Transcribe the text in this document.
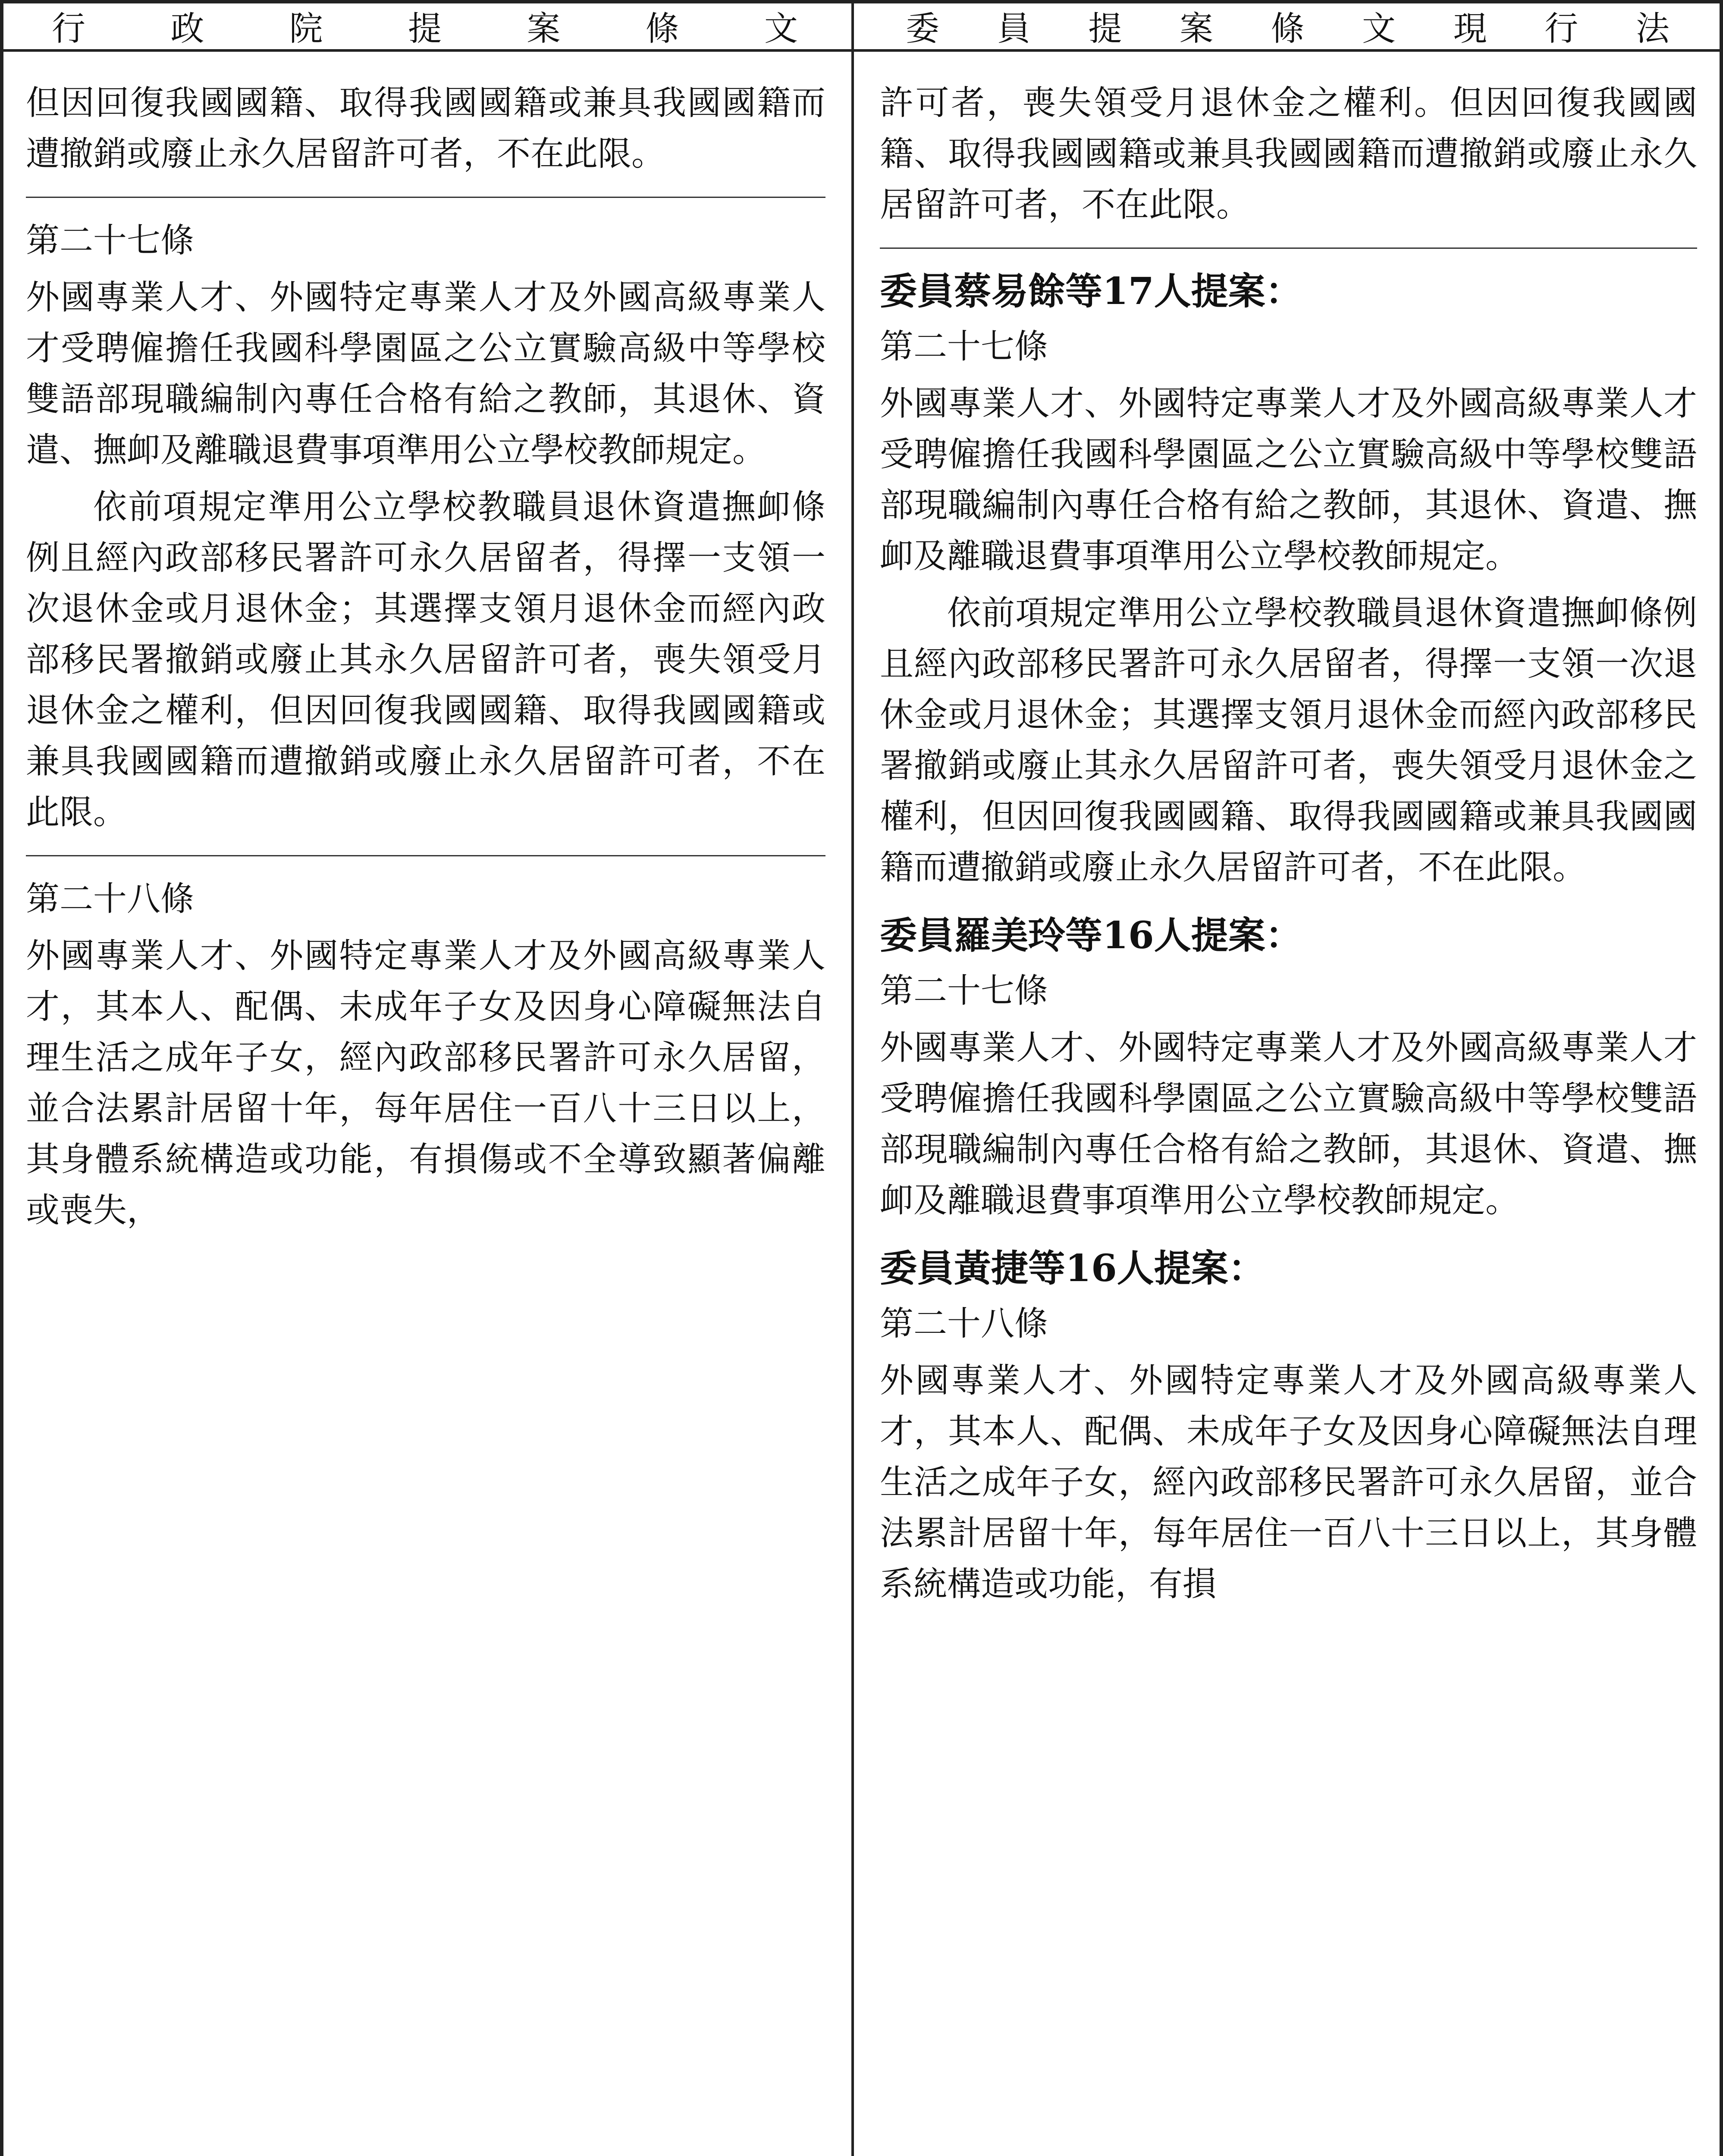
行 政 院 提 案 條 文	委 員 提 案 條 文 現 行 法

但因回復我國國籍、取得我國國籍或兼具我國國籍而遭撤銷或廢止永久居留許可者，不在此限。

第二十七條

外國專業人才、外國特定專業人才及外國高級專業人才受聘僱擔任我國科學園區之公立實驗高級中等學校雙語部現職編制內專任合格有給之教師，其退休、資遣、撫卹及離職退費事項準用公立學校教師規定。

依前項規定準用公立學校教職員退休資遣撫卹條例且經內政部移民署許可永久居留者，得擇一支領一次退休金或月退休金；其選擇支領月退休金而經內政部移民署撤銷或廢止其永久居留許可者，喪失領受月退休金之權利，但因回復我國國籍、取得我國國籍或兼具我國國籍而遭撤銷或廢止永久居留許可者，不在此限。

第二十八條

外國專業人才、外國特定專業人才及外國高級專業人才，其本人、配偶、未成年子女及因身心障礙無法自理生活之成年子女，經內政部移民署許可永久居留，並合法累計居留十年，每年居住一百八十三日以上，其身體系統構造或功能，有損傷或不全導致顯著偏離或喪失，

許可者，喪失領受月退休金之權利。但因回復我國國籍、取得我國國籍或兼具我國國籍而遭撤銷或廢止永久居留許可者，不在此限。

委員蔡易餘等17人提案：

第二十七條

外國專業人才、外國特定專業人才及外國高級專業人才受聘僱擔任我國科學園區之公立實驗高級中等學校雙語部現職編制內專任合格有給之教師，其退休、資遣、撫卹及離職退費事項準用公立學校教師規定。

依前項規定準用公立學校教職員退休資遣撫卹條例且經內政部移民署許可永久居留者，得擇一支領一次退休金或月退休金；其選擇支領月退休金而經內政部移民署撤銷或廢止其永久居留許可者，喪失領受月退休金之權利，但因回復我國國籍、取得我國國籍或兼具我國國籍而遭撤銷或廢止永久居留許可者，不在此限。

委員羅美玲等16人提案：

第二十七條

外國專業人才、外國特定專業人才及外國高級專業人才受聘僱擔任我國科學園區之公立實驗高級中等學校雙語部現職編制內專任合格有給之教師，其退休、資遣、撫卹及離職退費事項準用公立學校教師規定。

委員黃捷等16人提案：

第二十八條

外國專業人才、外國特定專業人才及外國高級專業人才，其本人、配偶、未成年子女及因身心障礙無法自理生活之成年子女，經內政部移民署許可永久居留，並合法累計居留十年，每年居住一百八十三日以上，其身體系統構造或功能，有損
